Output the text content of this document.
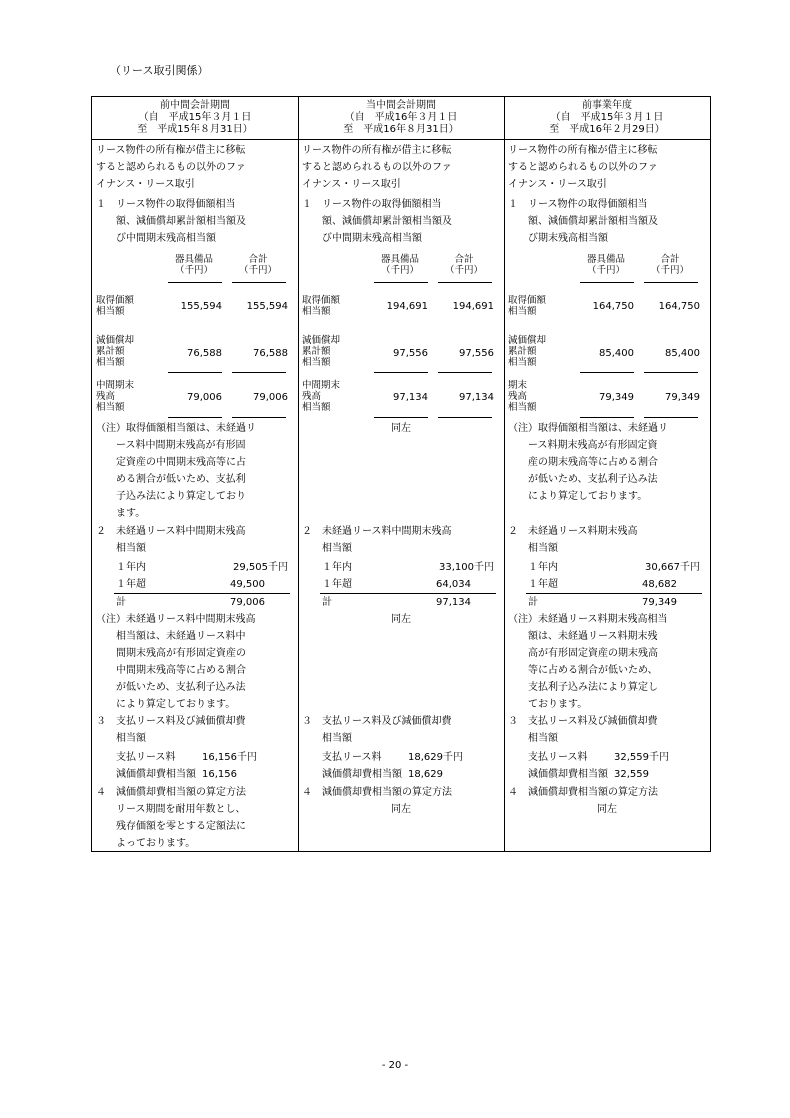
（リース取引関係）
前中間会計期間
（自　平成15年３月１日
至　平成15年８月31日）
リース物件の所有権が借主に移転
すると認められるもの以外のファ
イナンス・リース取引
１　リース物件の取得価額相当
額、減価償却累計額相当額及
び中間期末残高相当額
器具備品
（千円）
合計
（千円）
取得価額
相当額	155,594	155,594
減価償却
累計額
相当額
76,588	76,588
中間期末
残高
相当額
79,006	79,006
（注）取得価額相当額は、未経過リ
ース料中間期末残高が有形固
定資産の中間期末残高等に占
める割合が低いため、支払利
子込み法により算定しており
ます。
２　未経過リース料中間期末残高
相当額
１年内	29,505千円
１年超	49,500
計	79,006
（注）未経過リース料中間期末残高
相当額は、未経過リース料中
間期末残高が有形固定資産の
中間期末残高等に占める割合
が低いため、支払利子込み法
により算定しております。
３　支払リース料及び減価償却費
相当額
支払リース料	16,156千円
減価償却費相当額 16,156
４　減価償却費相当額の算定方法
リース期間を耐用年数とし、
残存価額を零とする定額法に
よっております。
当中間会計期間
（自　平成16年３月１日
至　平成16年８月31日）
リース物件の所有権が借主に移転
すると認められるもの以外のファ
イナンス・リース取引
１　リース物件の取得価額相当
額、減価償却累計額相当額及
び中間期末残高相当額
器具備品
（千円）
合計
（千円）
取得価額
相当額	194,691	194,691
減価償却
累計額
相当額
97,556	97,556
中間期末
残高
相当額
97,134	97,134
同左
２　未経過リース料中間期末残高
相当額
１年内	33,100千円
１年超	64,034
計	97,134
同左
３　支払リース料及び減価償却費
相当額
支払リース料	18,629千円
減価償却費相当額 18,629
４　減価償却費相当額の算定方法
同左
前事業年度
（自　平成15年３月１日
至　平成16年２月29日）
リース物件の所有権が借主に移転
すると認められるもの以外のファ
イナンス・リース取引
１　リース物件の取得価額相当
額、減価償却累計額相当額及
び期末残高相当額
器具備品
（千円）
合計
（千円）
取得価額
相当額	164,750	164,750
減価償却
累計額
相当額
85,400	85,400
期末
残高
相当額
79,349	79,349
（注）取得価額相当額は、未経過リ
ース料期末残高が有形固定資
産の期末残高等に占める割合
が低いため、支払利子込み法
により算定しております。
２　未経過リース料期末残高
相当額
１年内	30,667千円
１年超	48,682
計	79,349
（注）未経過リース料期末残高相当
額は、未経過リース料期末残
高が有形固定資産の期末残高
等に占める割合が低いため、
支払利子込み法により算定し
ております。
３　支払リース料及び減価償却費
相当額
支払リース料	32,559千円
減価償却費相当額 32,559
４　減価償却費相当額の算定方法
同左
- 20 -
